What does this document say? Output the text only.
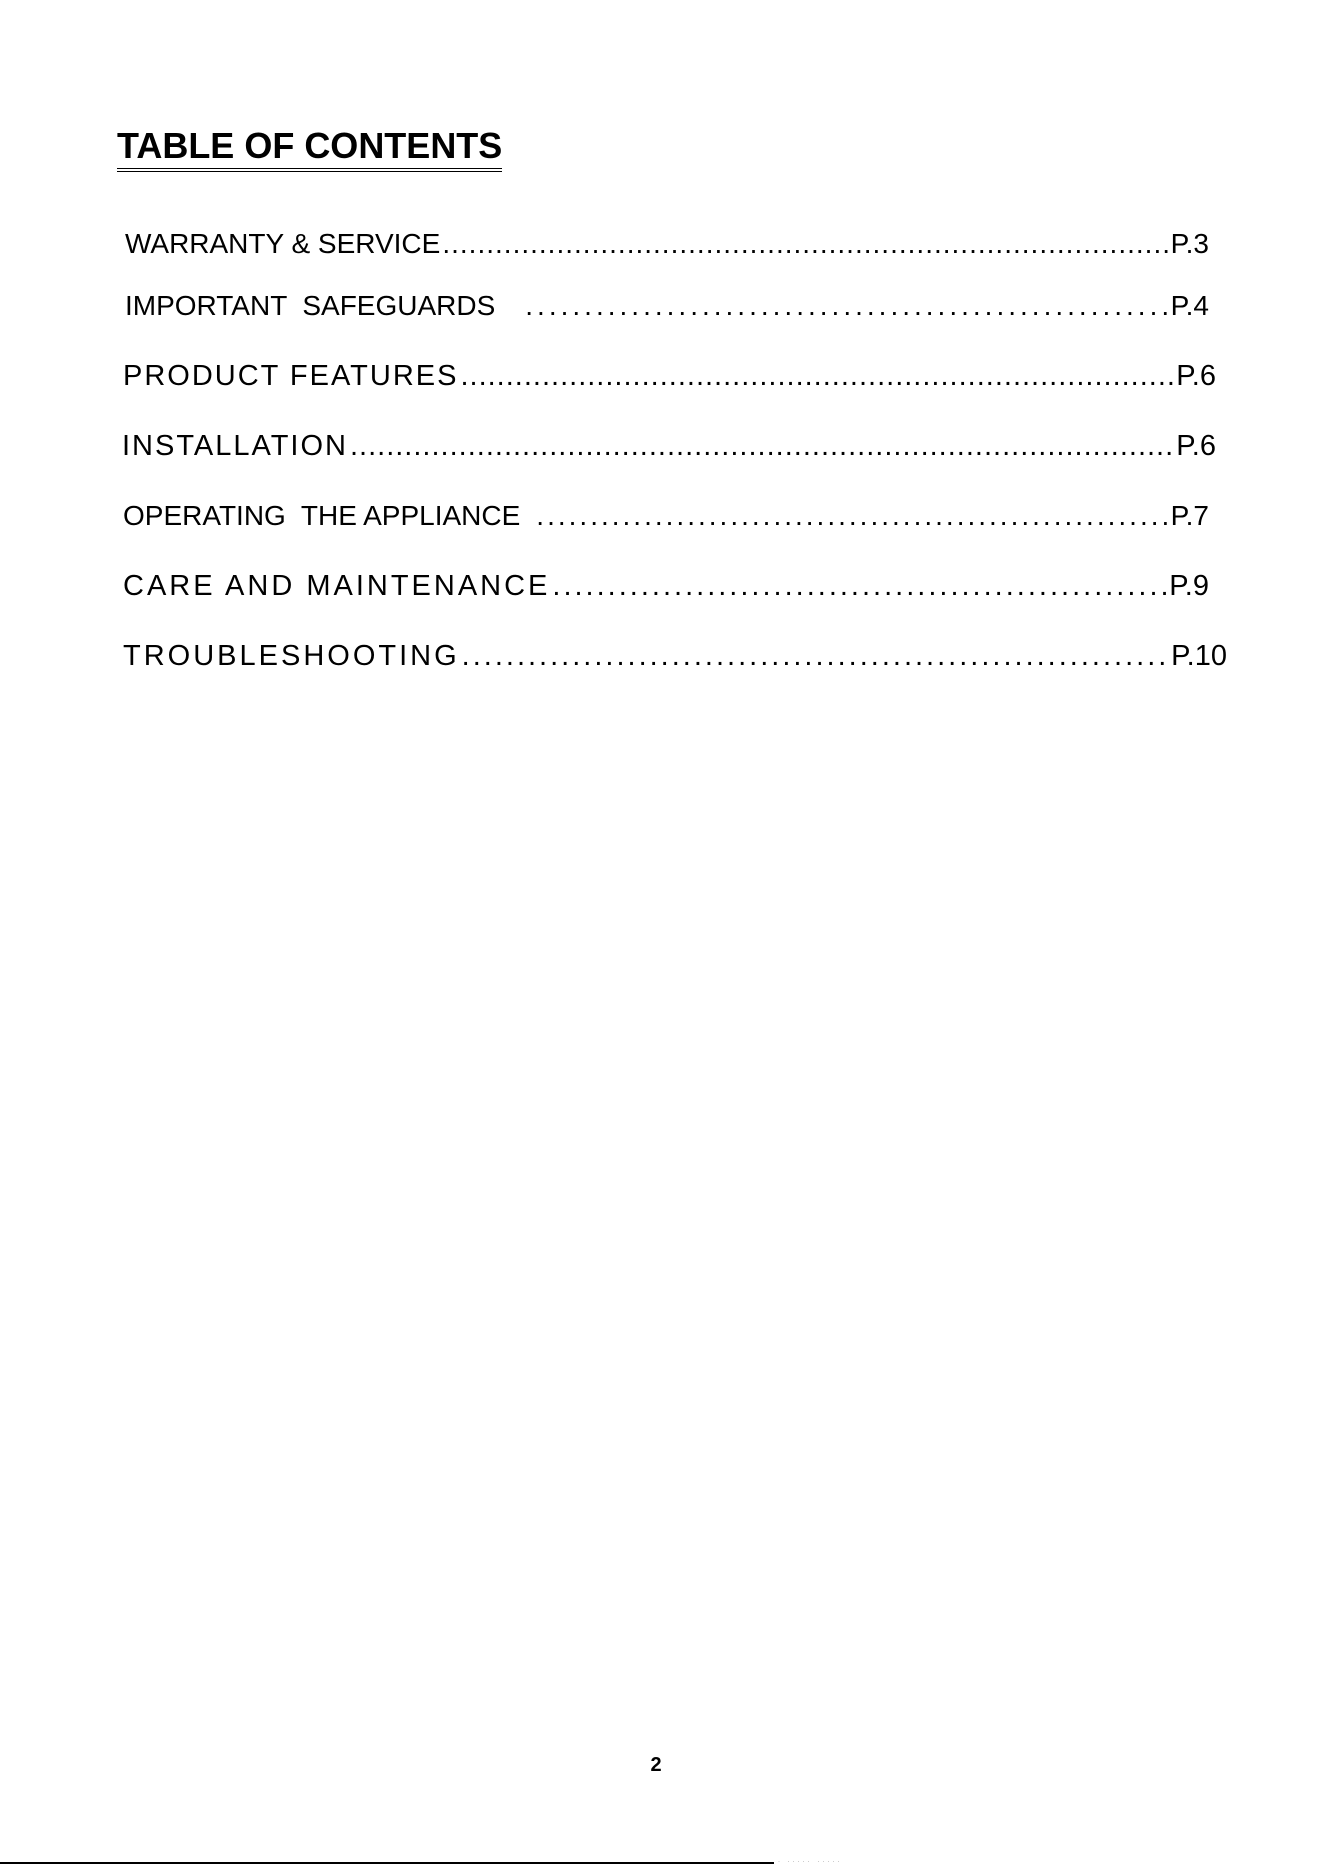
TABLE OF CONTENTS
WARRANTY & SERVICE .....	P.3
IMPORTANT  SAFEGUARDS .....	P.4
PRODUCT FEATURES .....	P.6
INSTALLATION .....	P.6
OPERATING  THE APPLIANCE .....	P.7
CARE AND MAINTENANCE .....	P.9
TROUBLESHOOTING .....	P.10

2

· ····· ·····
